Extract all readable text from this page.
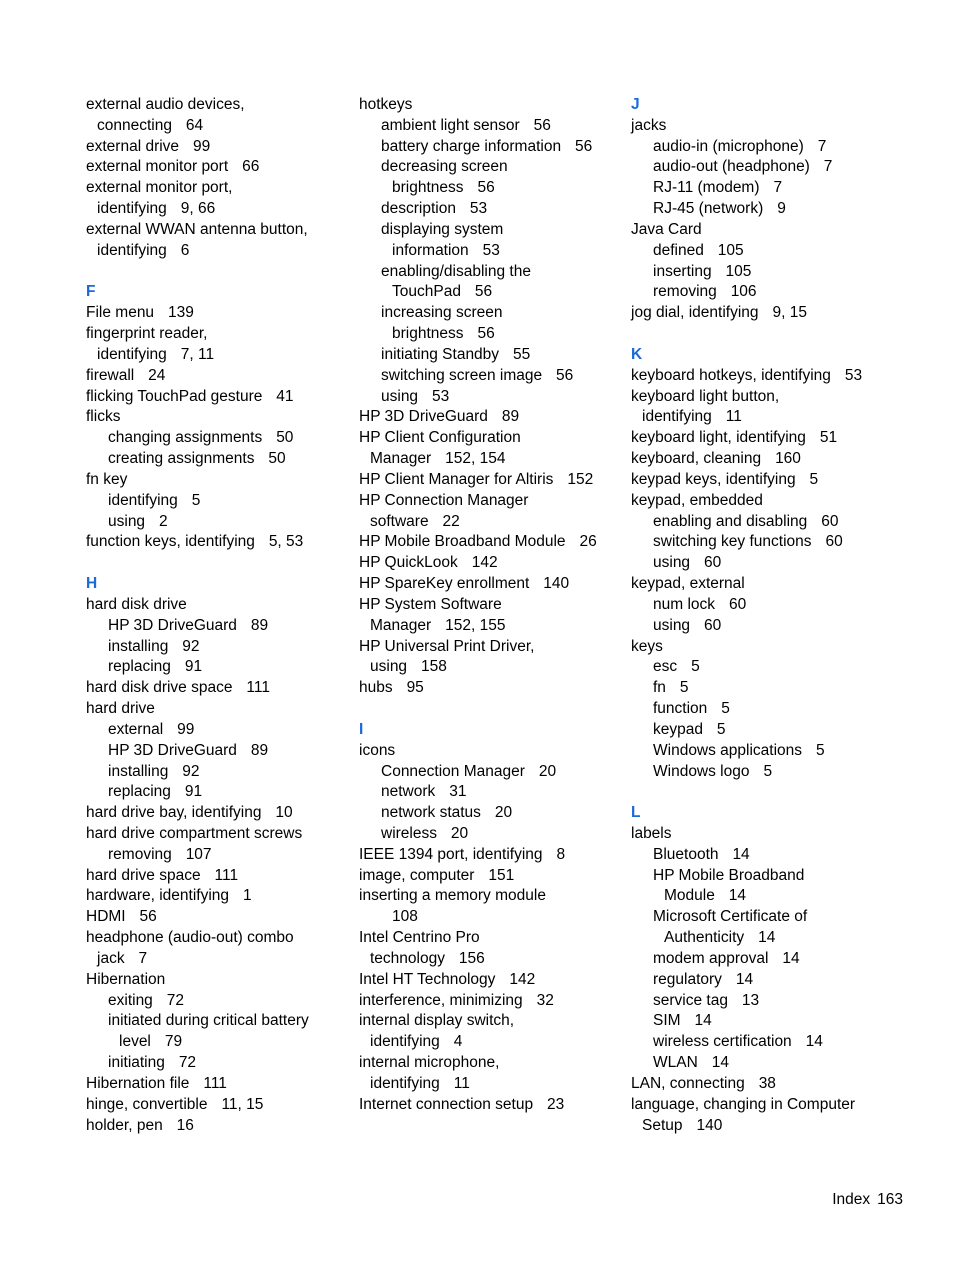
external audio devices,
connecting 64
external drive 99
external monitor port 66
external monitor port,
identifying 9, 66
external WWAN antenna button,
identifying 6
F
File menu 139
fingerprint reader,
identifying 7, 11
firewall 24
flicking TouchPad gesture 41
flicks
changing assignments 50
creating assignments 50
fn key
identifying 5
using 2
function keys, identifying 5, 53
H
hard disk drive
HP 3D DriveGuard 89
installing 92
replacing 91
hard disk drive space 111
hard drive
external 99
HP 3D DriveGuard 89
installing 92
replacing 91
hard drive bay, identifying 10
hard drive compartment screws
removing 107
hard drive space 111
hardware, identifying 1
HDMI 56
headphone (audio-out) combo
jack 7
Hibernation
exiting 72
initiated during critical battery
level 79
initiating 72
Hibernation file 111
hinge, convertible 11, 15
holder, pen 16
hotkeys
ambient light sensor 56
battery charge information 56
decreasing screen
brightness 56
description 53
displaying system
information 53
enabling/disabling the
TouchPad 56
increasing screen
brightness 56
initiating Standby 55
switching screen image 56
using 53
HP 3D DriveGuard 89
HP Client Configuration
Manager 152, 154
HP Client Manager for Altiris 152
HP Connection Manager
software 22
HP Mobile Broadband Module 26
HP QuickLook 142
HP SpareKey enrollment 140
HP System Software
Manager 152, 155
HP Universal Print Driver,
using 158
hubs 95
I
icons
Connection Manager 20
network 31
network status 20
wireless 20
IEEE 1394 port, identifying 8
image, computer 151
inserting a memory module
108
Intel Centrino Pro
technology 156
Intel HT Technology 142
interference, minimizing 32
internal display switch,
identifying 4
internal microphone,
identifying 11
Internet connection setup 23
J
jacks
audio-in (microphone) 7
audio-out (headphone) 7
RJ-11 (modem) 7
RJ-45 (network) 9
Java Card
defined 105
inserting 105
removing 106
jog dial, identifying 9, 15
K
keyboard hotkeys, identifying 53
keyboard light button,
identifying 11
keyboard light, identifying 51
keyboard, cleaning 160
keypad keys, identifying 5
keypad, embedded
enabling and disabling 60
switching key functions 60
using 60
keypad, external
num lock 60
using 60
keys
esc 5
fn 5
function 5
keypad 5
Windows applications 5
Windows logo 5
L
labels
Bluetooth 14
HP Mobile Broadband
Module 14
Microsoft Certificate of
Authenticity 14
modem approval 14
regulatory 14
service tag 13
SIM 14
wireless certification 14
WLAN 14
LAN, connecting 38
language, changing in Computer
Setup 140
Index 163
